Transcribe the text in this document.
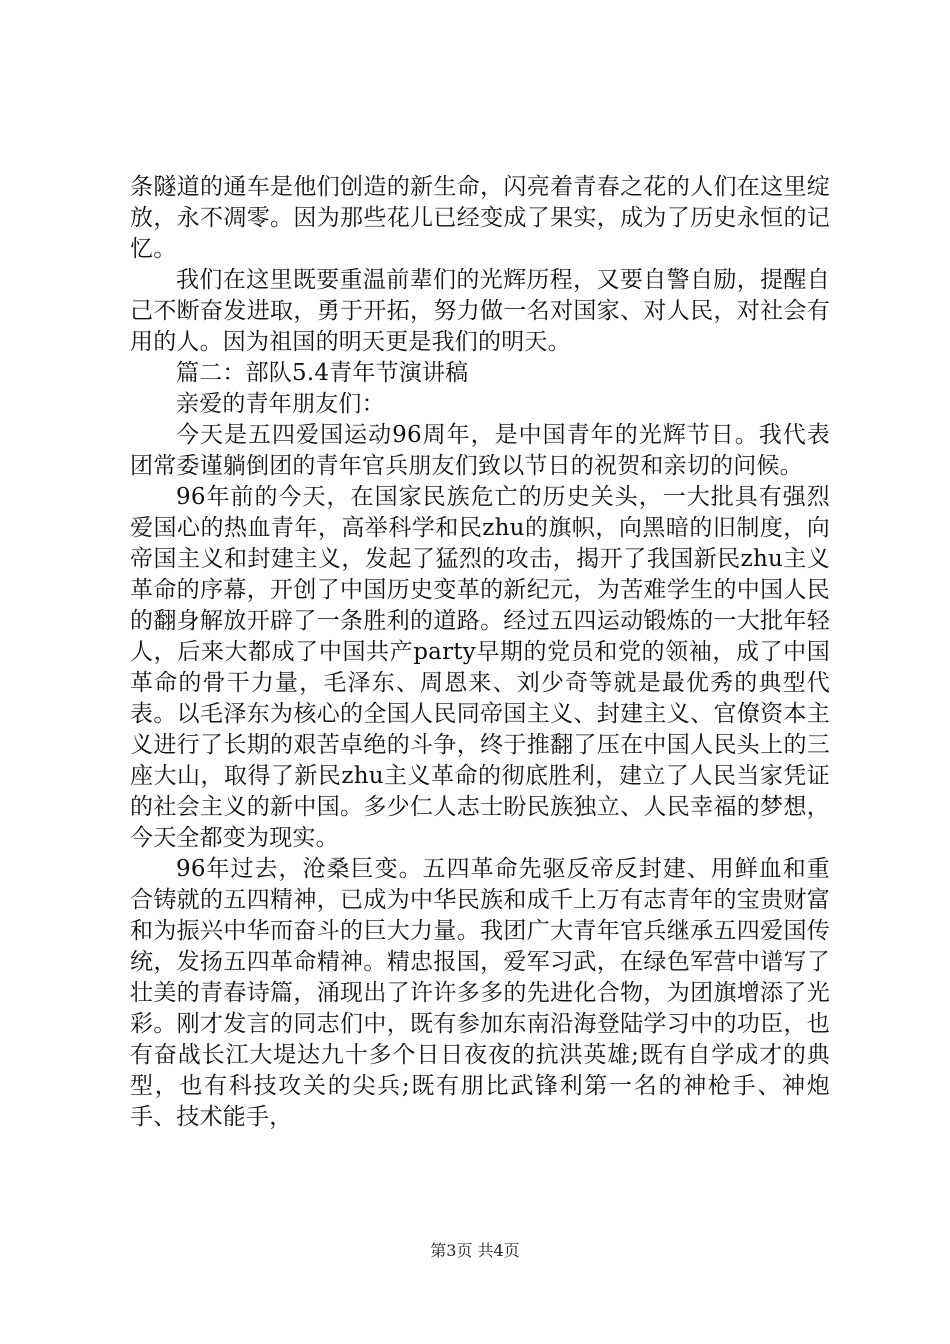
条隧道的通车是他们创造的新生命，闪亮着青春之花的人们在这里绽放，永不凋零。因为那些花儿已经变成了果实，成为了历史永恒的记忆。

我们在这里既要重温前辈们的光辉历程，又要自警自励，提醒自己不断奋发进取，勇于开拓，努力做一名对国家、对人民，对社会有用的人。因为祖国的明天更是我们的明天。

篇二：部队5.4青年节演讲稿

亲爱的青年朋友们：

今天是五四爱国运动96周年，是中国青年的光辉节日。我代表团常委谨躺倒团的青年官兵朋友们致以节日的祝贺和亲切的问候。

96年前的今天，在国家民族危亡的历史关头，一大批具有强烈爱国心的热血青年，高举科学和民zhu的旗帜，向黑暗的旧制度，向帝国主义和封建主义，发起了猛烈的攻击，揭开了我国新民zhu主义革命的序幕，开创了中国历史变革的新纪元，为苦难学生的中国人民的翻身解放开辟了一条胜利的道路。经过五四运动锻炼的一大批年轻人，后来大都成了中国共产party早期的党员和党的领袖，成了中国革命的骨干力量，毛泽东、周恩来、刘少奇等就是最优秀的典型代表。以毛泽东为核心的全国人民同帝国主义、封建主义、官僚资本主义进行了长期的艰苦卓绝的斗争，终于推翻了压在中国人民头上的三座大山，取得了新民zhu主义革命的彻底胜利，建立了人民当家凭证的社会主义的新中国。多少仁人志士盼民族独立、人民幸福的梦想，今天全都变为现实。

96年过去，沧桑巨变。五四革命先驱反帝反封建、用鲜血和重合铸就的五四精神，已成为中华民族和成千上万有志青年的宝贵财富和为振兴中华而奋斗的巨大力量。我团广大青年官兵继承五四爱国传统，发扬五四革命精神。精忠报国，爱军习武，在绿色军营中谱写了壮美的青春诗篇，涌现出了许许多多的先进化合物，为团旗增添了光彩。刚才发言的同志们中，既有参加东南沿海登陆学习中的功臣，也有奋战长江大堤达九十多个日日夜夜的抗洪英雄;既有自学成才的典型，也有科技攻关的尖兵;既有朋比武锋利第一名的神枪手、神炮手、技术能手，

第3页 共4页
